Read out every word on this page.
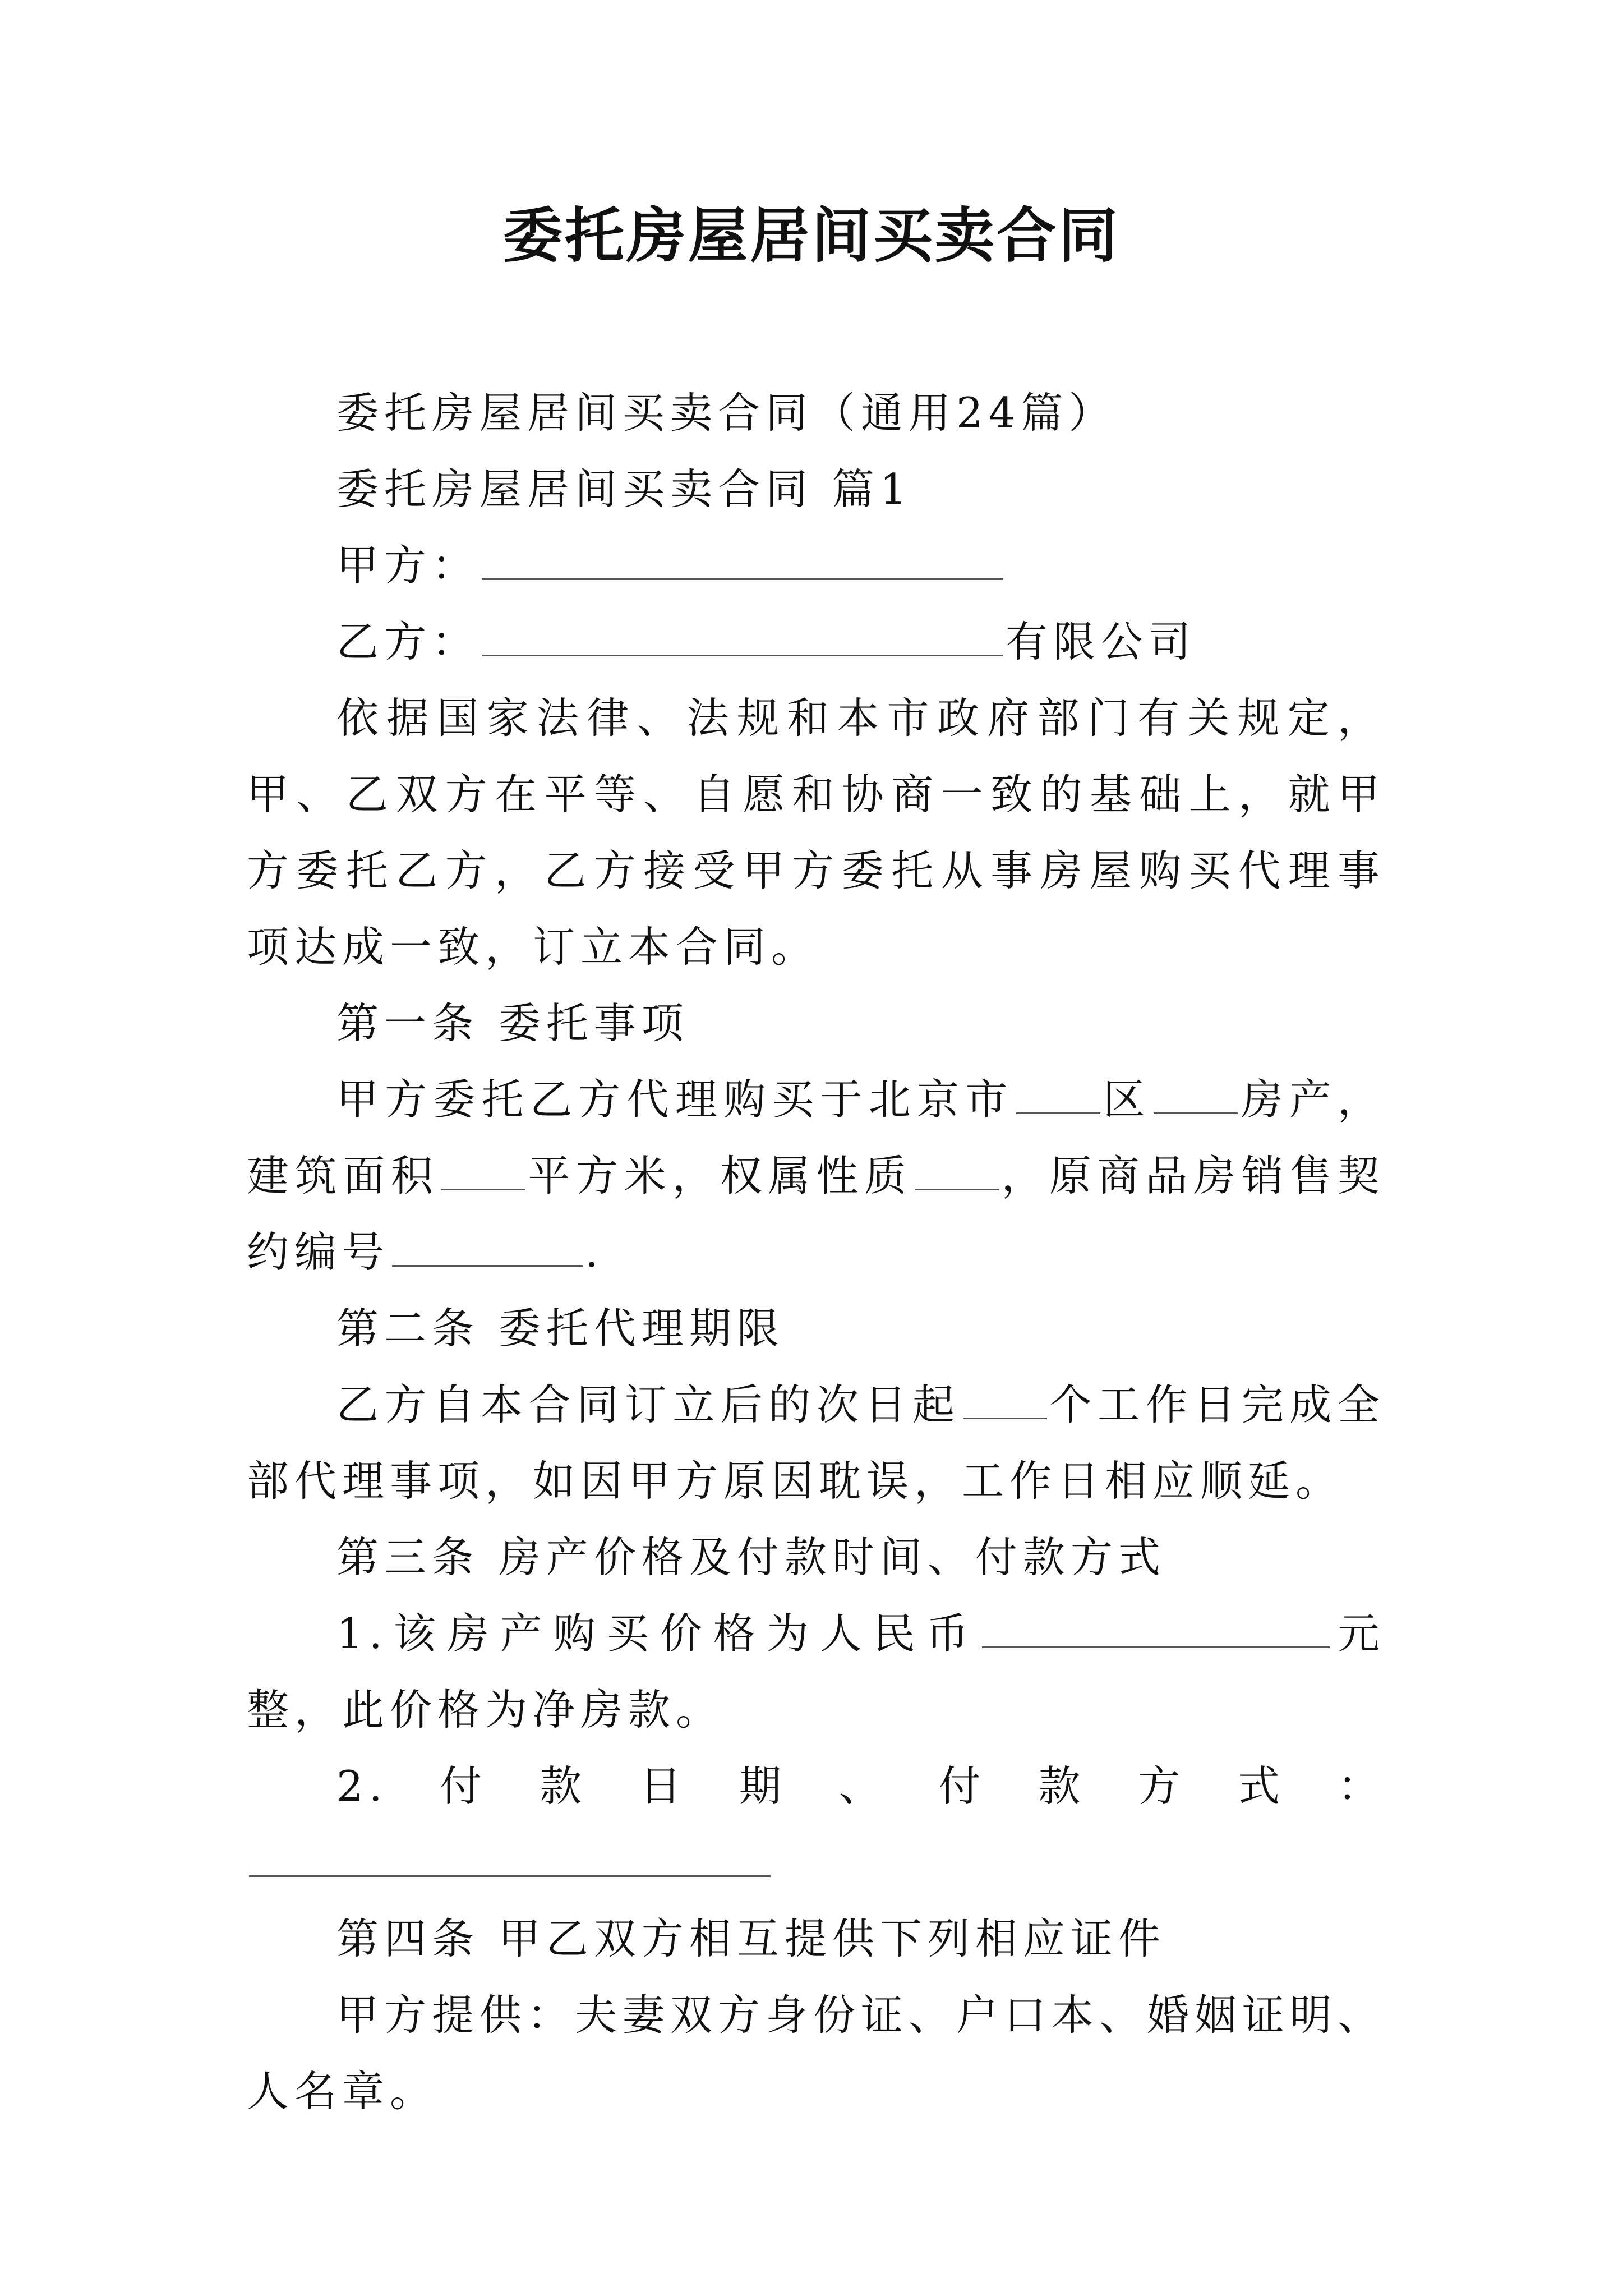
委托房屋居间买卖合同

委托房屋居间买卖合同（通用24篇）

委托房屋居间买卖合同 篇1

甲方：

乙方：	有限公司

依据国家法律、法规和本市政府部门有关规定，甲、乙双方在平等、自愿和协商一致的基础上，就甲方委托乙方，乙方接受甲方委托从事房屋购买代理事项达成一致，订立本合同。

第一条 委托事项

甲方委托乙方代理购买于北京市 区 房产，建筑面积 平方米，权属性质 ，原商品房销售契约编号	.

第二条 委托代理期限

乙方自本合同订立后的次日起 个工作日完成全部代理事项，如因甲方原因耽误，工作日相应顺延。

第三条 房产价格及付款时间、付款方式

1.该房产购买价格为人民币	元整，此价格为净房款。

2.付款日期、付款方式：

第四条 甲乙双方相互提供下列相应证件

甲方提供：夫妻双方身份证、户口本、婚姻证明、人名章。
